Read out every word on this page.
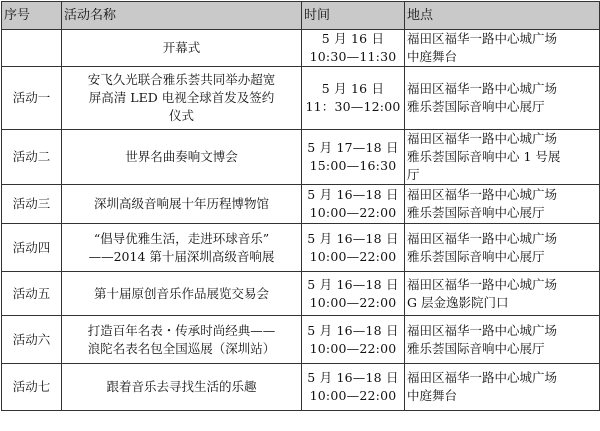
序号	活动名称	时间	地点

	开幕式	5 月 16 日
10:30—11:30	福田区福华一路中心城广场
中庭舞台

活动一	安飞久光联合雅乐荟共同举办超宽
屏高清 LED 电视全球首发及签约
仪式	5 月 16 日
11：30—12:00	福田区福华一路中心城广场
雅乐荟国际音响中心展厅

活动二	世界名曲奏响文博会	5 月 17—18 日
15:00—16:30	福田区福华一路中心城广场
雅乐荟国际音响中心 1 号展
厅

活动三	深圳高级音响展十年历程博物馆	5 月 16—18 日
10:00—22:00	福田区福华一路中心城广场
雅乐荟国际音响中心展厅

活动四	“倡导优雅生活，走进环球音乐”
——2014 第十届深圳高级音响展	5 月 16—18 日
10:00—22:00	福田区福华一路中心城广场
雅乐荟国际音响中心展厅

活动五	第十届原创音乐作品展览交易会	5 月 16—18 日
10:00—22:00	福田区福华一路中心城广场
G 层金逸影院门口

活动六	打造百年名表・传承时尚经典——
浪陀名表名包全国巡展（深圳站）	5 月 16—18 日
10:00—22:00	福田区福华一路中心城广场
雅乐荟国际音响中心展厅

活动七	跟着音乐去寻找生活的乐趣	5 月 16—18 日
10:00—22:00	福田区福华一路中心城广场
中庭舞台
